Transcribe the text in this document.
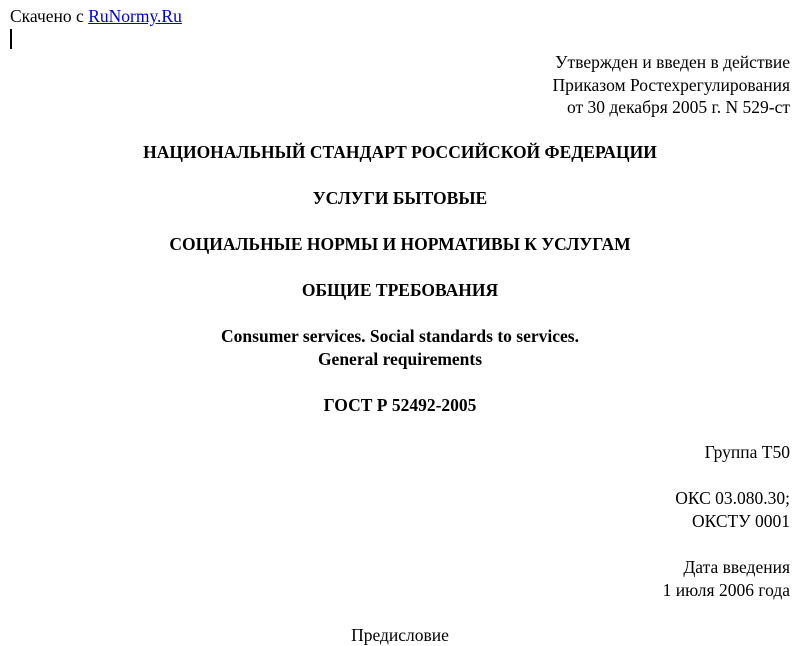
Скачено с RuNormy.Ru
Утвержден и введен в действие
Приказом Ростехрегулирования
от 30 декабря 2005 г. N 529-ст
НАЦИОНАЛЬНЫЙ СТАНДАРТ РОССИЙСКОЙ ФЕДЕРАЦИИ
УСЛУГИ БЫТОВЫЕ
СОЦИАЛЬНЫЕ НОРМЫ И НОРМАТИВЫ К УСЛУГАМ
ОБЩИЕ ТРЕБОВАНИЯ
Consumer services. Social standards to services.
General requirements
ГОСТ Р 52492-2005
Группа Т50
ОКС 03.080.30;
ОКСТУ 0001
Дата введения
1 июля 2006 года
Предисловие
